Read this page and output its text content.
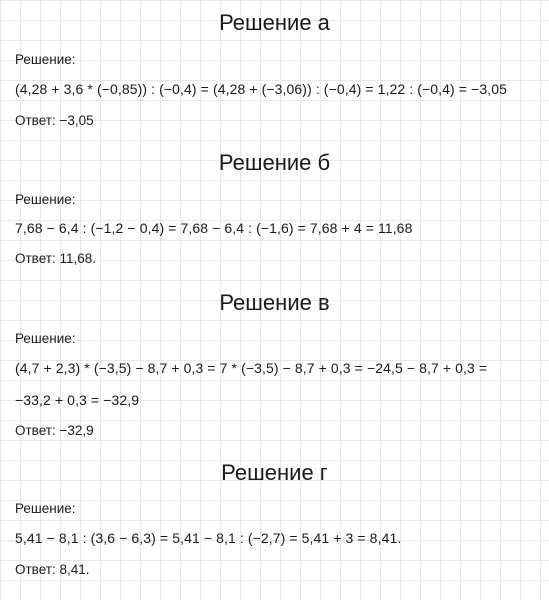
Решение а
Решение:
(4,28 + 3,6 * (−0,85)) : (−0,4) = (4,28 + (−3,06)) : (−0,4) = 1,22 : (−0,4) = −3,05
Ответ: −3,05
Решение б
Решение:
7,68 − 6,4 : (−1,2 − 0,4) = 7,68 − 6,4 : (−1,6) = 7,68 + 4 = 11,68
Ответ: 11,68.
Решение в
Решение:
(4,7 + 2,3) * (−3,5) − 8,7 + 0,3 = 7 * (−3,5) − 8,7 + 0,3 = −24,5 − 8,7 + 0,3 =
−33,2 + 0,3 = −32,9
Ответ: −32,9
Решение г
Решение:
5,41 − 8,1 : (3,6 − 6,3) = 5,41 − 8,1 : (−2,7) = 5,41 + 3 = 8,41.
Ответ: 8,41.
